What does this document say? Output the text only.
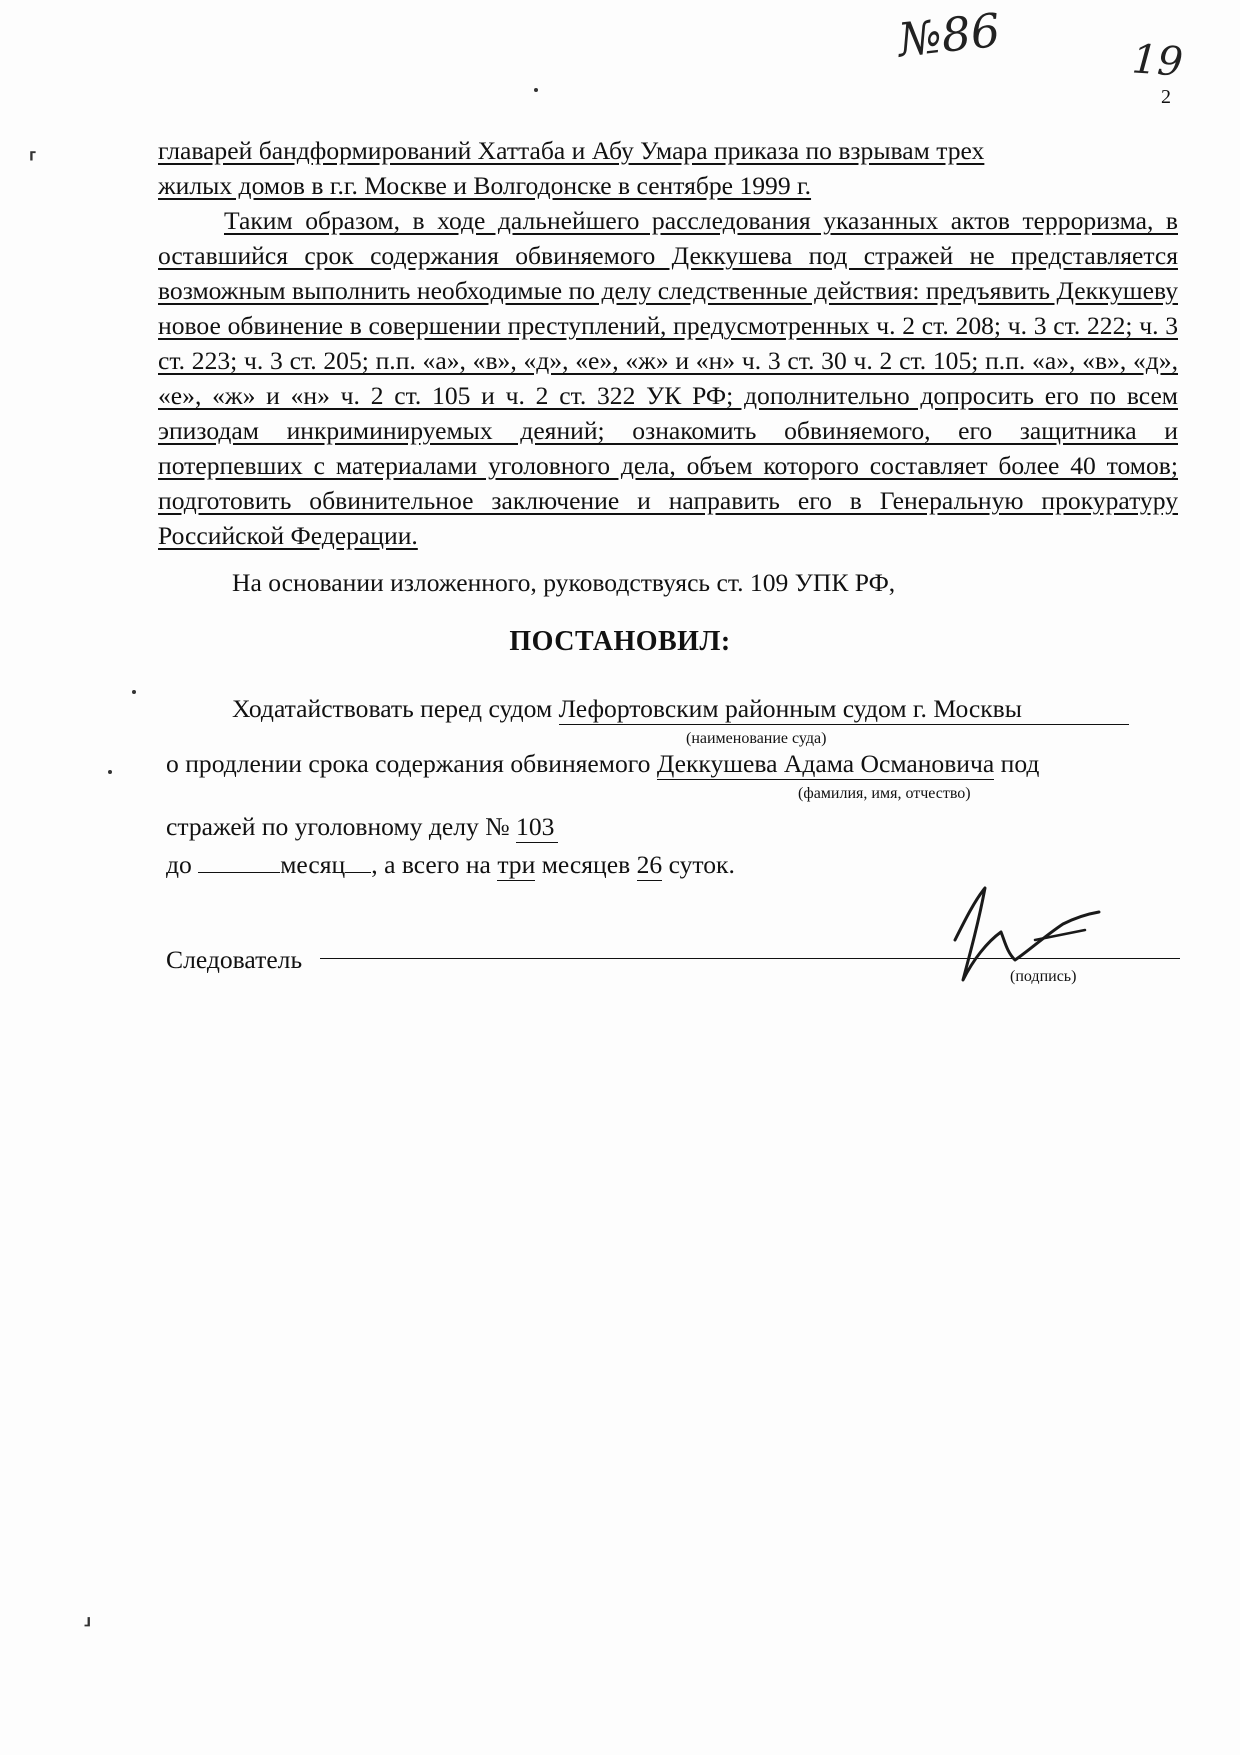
№86	19
2
⸢
⸥
главарей бандформирований Хаттаба и Абу Умара приказа по взрывам трех
жилых домов в г.г. Москве и Волгодонске в сентябре 1999 г.
Таким образом, в ходе дальнейшего расследования указанных актов терроризма, в оставшийся срок содержания обвиняемого Деккушева под стражей не представляется возможным выполнить необходимые по делу следственные действия: предъявить Деккушеву новое обвинение в совершении преступлений, предусмотренных ч. 2 ст. 208; ч. 3 ст. 222; ч. 3 ст. 223; ч. 3 ст. 205; п.п. «а», «в», «д», «е», «ж» и «н» ч. 3 ст. 30 ч. 2 ст. 105; п.п. «а», «в», «д», «е», «ж» и «н» ч. 2 ст. 105 и ч. 2 ст. 322 УК РФ; дополнительно допросить его по всем эпизодам инкриминируемых деяний; ознакомить обвиняемого, его защитника и потерпевших с материалами уголовного дела, объем которого составляет более 40 томов; подготовить обвинительное заключение и направить его в Генеральную прокуратуру Российской Федерации.
На основании изложенного, руководствуясь ст. 109 УПК РФ,
ПОСТАНОВИЛ:
Ходатайствовать перед судом Лефортовским районным судом г. Москвы
(наименование суда)
о продлении срока содержания обвиняемого Деккушева Адама Османовича под
(фамилия, имя, отчество)
стражей по уголовному делу № 103
до	месяц , а всего на три месяцев 26 суток.
Следователь
(подпись)
